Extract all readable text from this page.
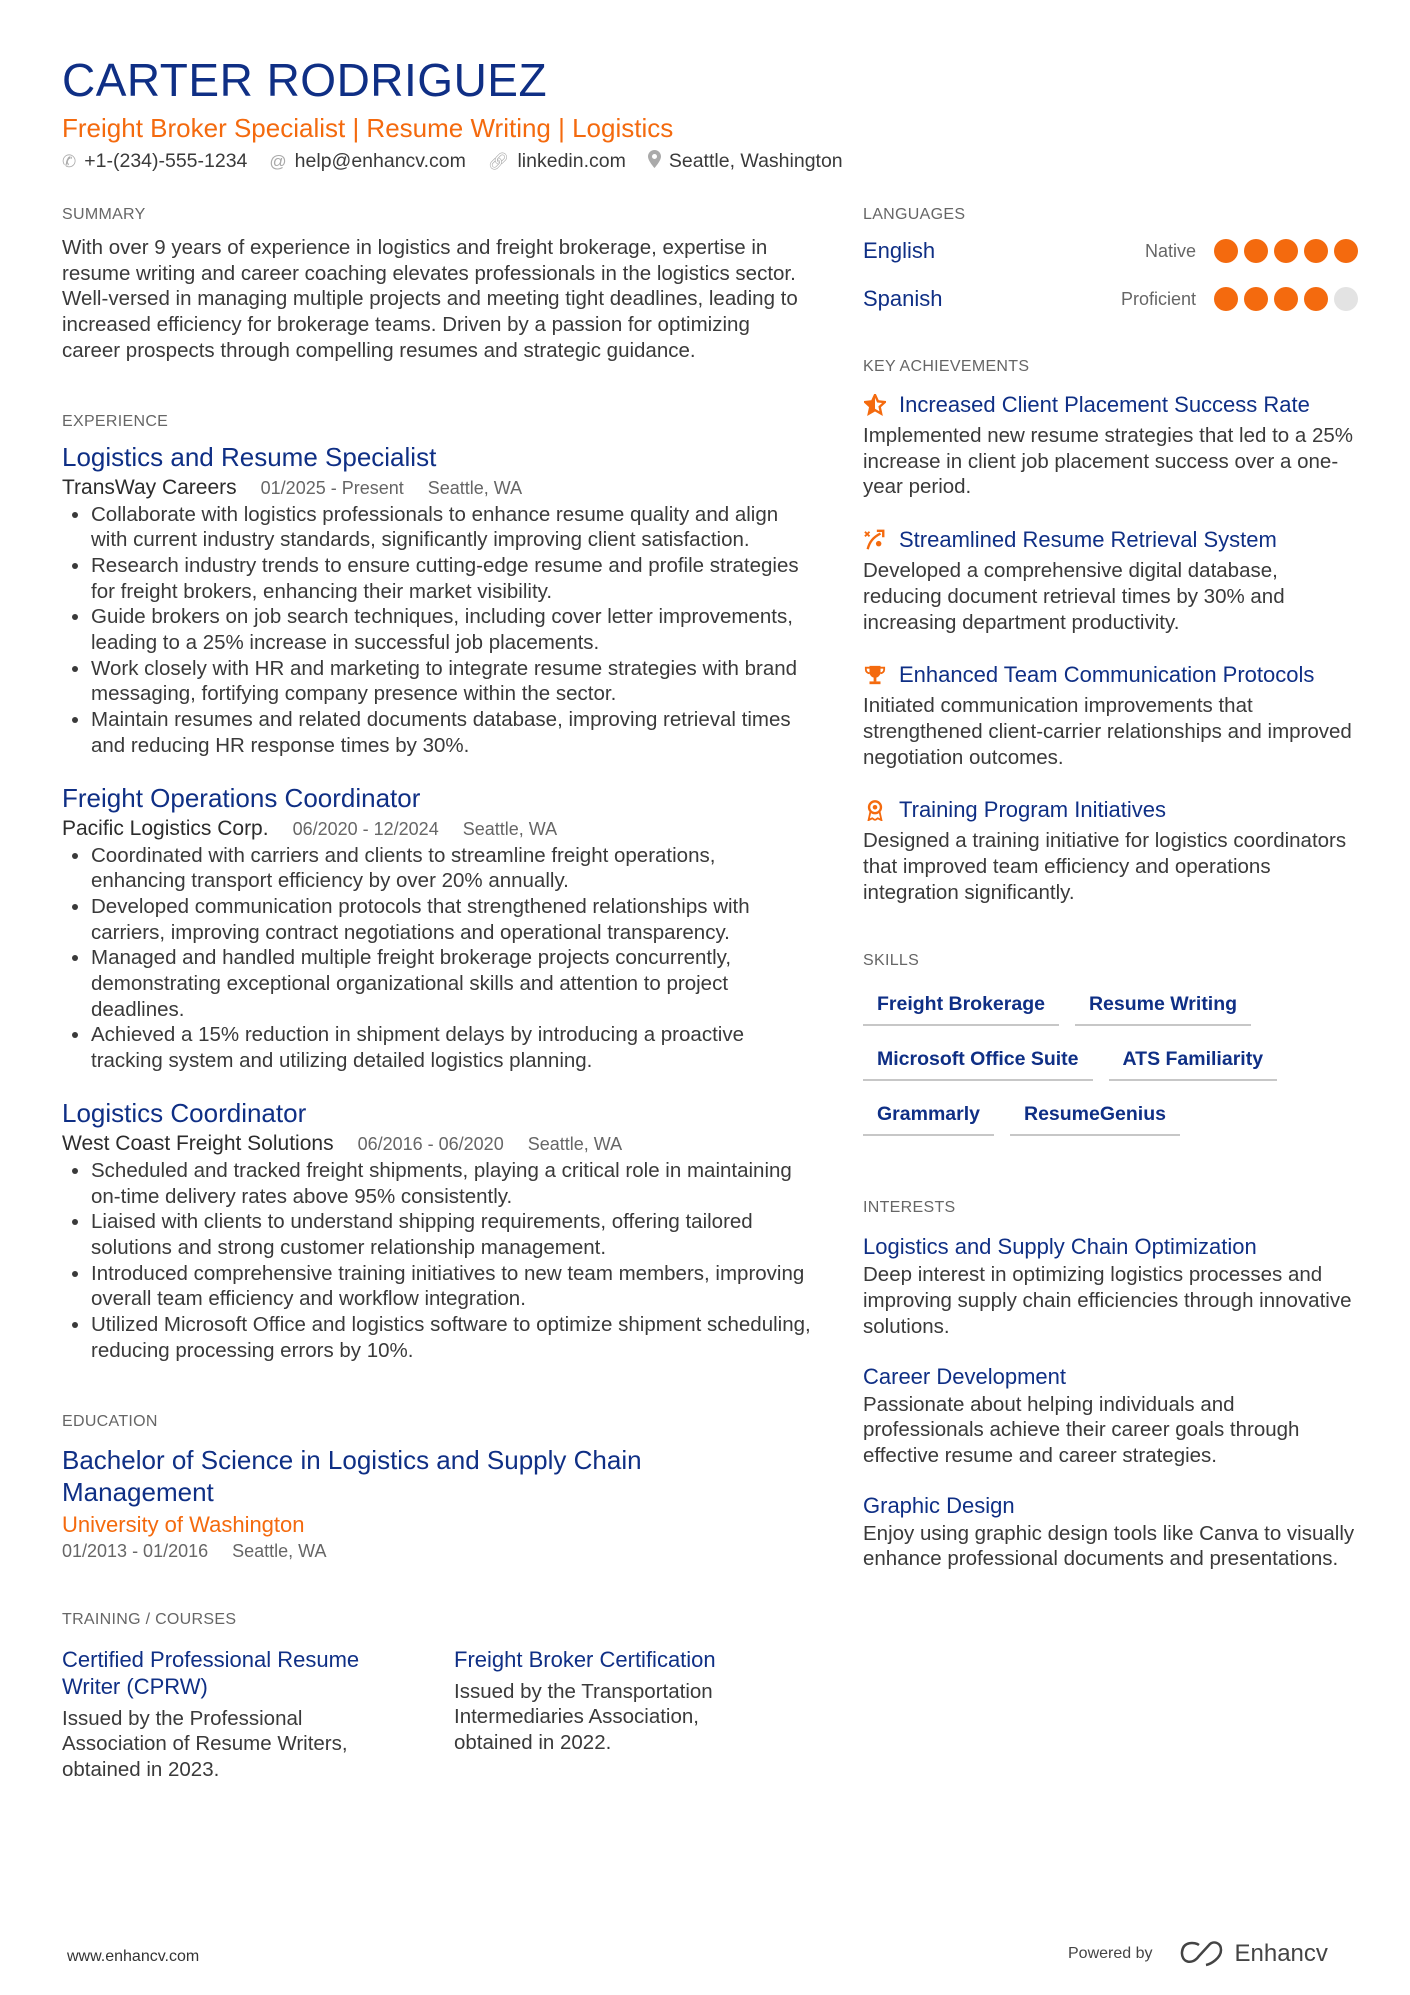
CARTER RODRIGUEZ
Freight Broker Specialist | Resume Writing | Logistics
✆ +1-(234)-555-1234 @ help@enhancv.com 🔗︎ linkedin.com Seattle, Washington
SUMMARY

With over 9 years of experience in logistics and freight brokerage, expertise in resume writing and career coaching elevates professionals in the logistics sector. Well-versed in managing multiple projects and meeting tight deadlines, leading to increased efficiency for brokerage teams. Driven by a passion for optimizing career prospects through compelling resumes and strategic guidance.

EXPERIENCE
Logistics and Resume Specialist
TransWay Careers 01/2025 - Present Seattle, WA
• Collaborate with logistics professionals to enhance resume quality and align with current industry standards, significantly improving client satisfaction.
• Research industry trends to ensure cutting-edge resume and profile strategies for freight brokers, enhancing their market visibility.
• Guide brokers on job search techniques, including cover letter improvements, leading to a 25% increase in successful job placements.
• Work closely with HR and marketing to integrate resume strategies with brand messaging, fortifying company presence within the sector.
• Maintain resumes and related documents database, improving retrieval times and reducing HR response times by 30%.
Freight Operations Coordinator
Pacific Logistics Corp. 06/2020 - 12/2024 Seattle, WA
• Coordinated with carriers and clients to streamline freight operations, enhancing transport efficiency by over 20% annually.
• Developed communication protocols that strengthened relationships with carriers, improving contract negotiations and operational transparency.
• Managed and handled multiple freight brokerage projects concurrently, demonstrating exceptional organizational skills and attention to project deadlines.
• Achieved a 15% reduction in shipment delays by introducing a proactive tracking system and utilizing detailed logistics planning.
Logistics Coordinator
West Coast Freight Solutions 06/2016 - 06/2020 Seattle, WA
• Scheduled and tracked freight shipments, playing a critical role in maintaining on-time delivery rates above 95% consistently.
• Liaised with clients to understand shipping requirements, offering tailored solutions and strong customer relationship management.
• Introduced comprehensive training initiatives to new team members, improving overall team efficiency and workflow integration.
• Utilized Microsoft Office and logistics software to optimize shipment scheduling, reducing processing errors by 10%.
EDUCATION
Bachelor of Science in Logistics and Supply Chain Management
University of Washington
01/2013 - 01/2016 Seattle, WA
TRAINING / COURSES
Certified Professional Resume Writer (CPRW)

Issued by the Professional Association of Resume Writers, obtained in 2023.

Freight Broker Certification

Issued by the Transportation Intermediaries Association, obtained in 2022.

LANGUAGES
English	Native
Spanish	Proficient
KEY ACHIEVEMENTS
Increased Client Placement Success Rate

Implemented new resume strategies that led to a 25% increase in client job placement success over a one-year period.

Streamlined Resume Retrieval System

Developed a comprehensive digital database, reducing document retrieval times by 30% and increasing department productivity.

Enhanced Team Communication Protocols

Initiated communication improvements that strengthened client-carrier relationships and improved negotiation outcomes.

Training Program Initiatives

Designed a training initiative for logistics coordinators that improved team efficiency and operations integration significantly.

SKILLS
Freight Brokerage	Resume Writing
Microsoft Office Suite	ATS Familiarity
Grammarly	ResumeGenius
INTERESTS
Logistics and Supply Chain Optimization

Deep interest in optimizing logistics processes and improving supply chain efficiencies through innovative solutions.

Career Development

Passionate about helping individuals and professionals achieve their career goals through effective resume and career strategies.

Graphic Design

Enjoy using graphic design tools like Canva to visually enhance professional documents and presentations.

www.enhancv.com	Powered by	Enhancv
